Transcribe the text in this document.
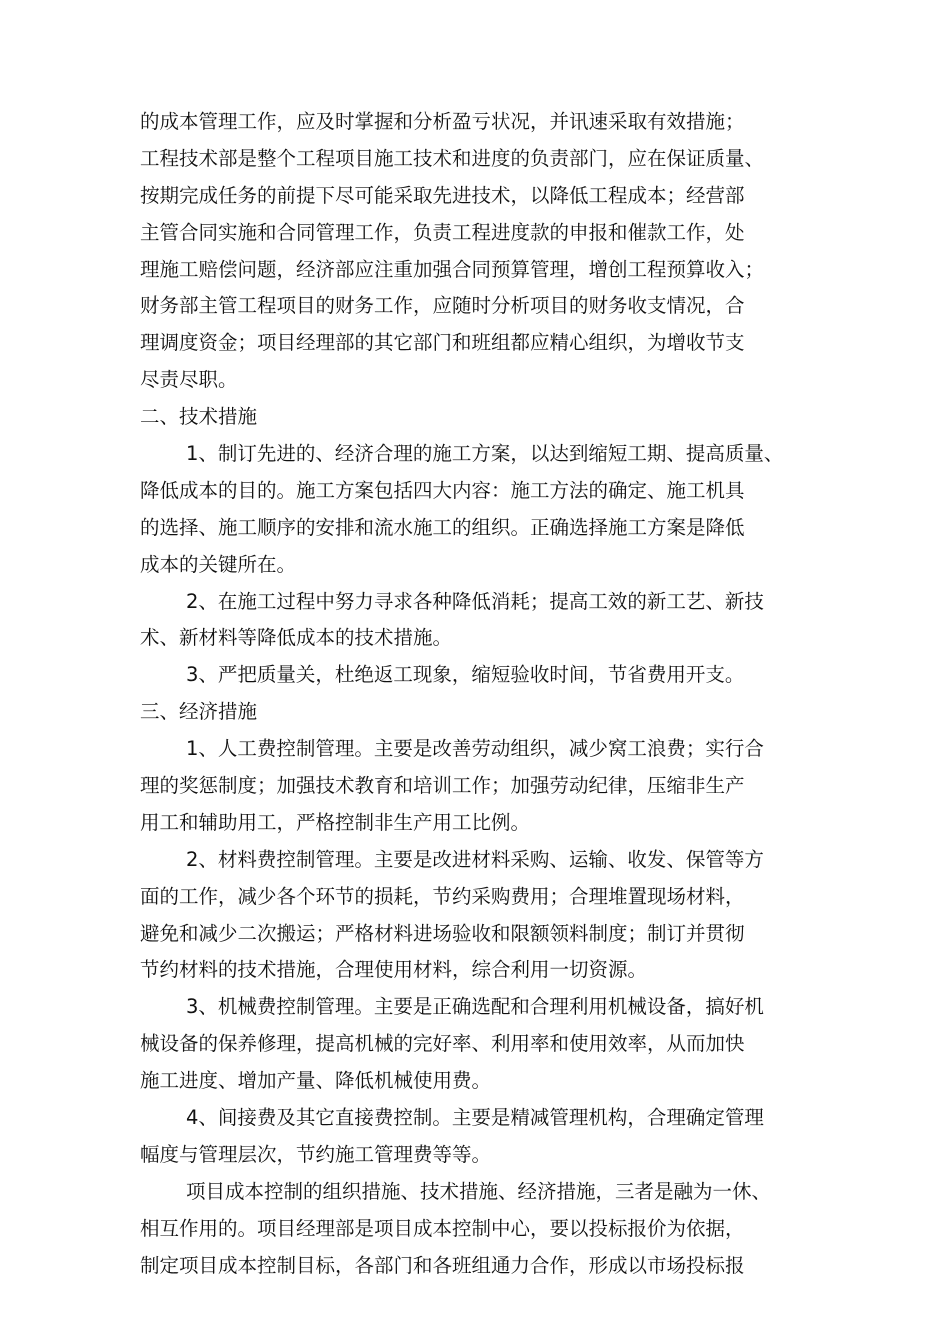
的成本管理工作，应及时掌握和分析盈亏状况，并讯速采取有效措施；
工程技术部是整个工程项目施工技术和进度的负责部门，应在保证质量、
按期完成任务的前提下尽可能采取先进技术，以降低工程成本；经营部
主管合同实施和合同管理工作，负责工程进度款的申报和催款工作，处
理施工赔偿问题，经济部应注重加强合同预算管理，增创工程预算收入；
财务部主管工程项目的财务工作，应随时分析项目的财务收支情况，合
理调度资金；项目经理部的其它部门和班组都应精心组织，为增收节支
尽责尽职。
二、技术措施
1、制订先进的、经济合理的施工方案，以达到缩短工期、提高质量、
降低成本的目的。施工方案包括四大内容：施工方法的确定、施工机具
的选择、施工顺序的安排和流水施工的组织。正确选择施工方案是降低
成本的关键所在。
2、在施工过程中努力寻求各种降低消耗；提高工效的新工艺、新技
术、新材料等降低成本的技术措施。
3、严把质量关，杜绝返工现象，缩短验收时间，节省费用开支。
三、经济措施
1、人工费控制管理。主要是改善劳动组织，减少窝工浪费；实行合
理的奖惩制度；加强技术教育和培训工作；加强劳动纪律，压缩非生产
用工和辅助用工，严格控制非生产用工比例。
2、材料费控制管理。主要是改进材料采购、运输、收发、保管等方
面的工作，减少各个环节的损耗，节约采购费用；合理堆置现场材料，
避免和减少二次搬运；严格材料进场验收和限额领料制度；制订并贯彻
节约材料的技术措施，合理使用材料，综合利用一切资源。
3、机械费控制管理。主要是正确选配和合理利用机械设备，搞好机
械设备的保养修理，提高机械的完好率、利用率和使用效率，从而加快
施工进度、增加产量、降低机械使用费。
4、间接费及其它直接费控制。主要是精减管理机构，合理确定管理
幅度与管理层次，节约施工管理费等等。
项目成本控制的组织措施、技术措施、经济措施，三者是融为一休、
相互作用的。项目经理部是项目成本控制中心，要以投标报价为依据，
制定项目成本控制目标，各部门和各班组通力合作，形成以市场投标报
